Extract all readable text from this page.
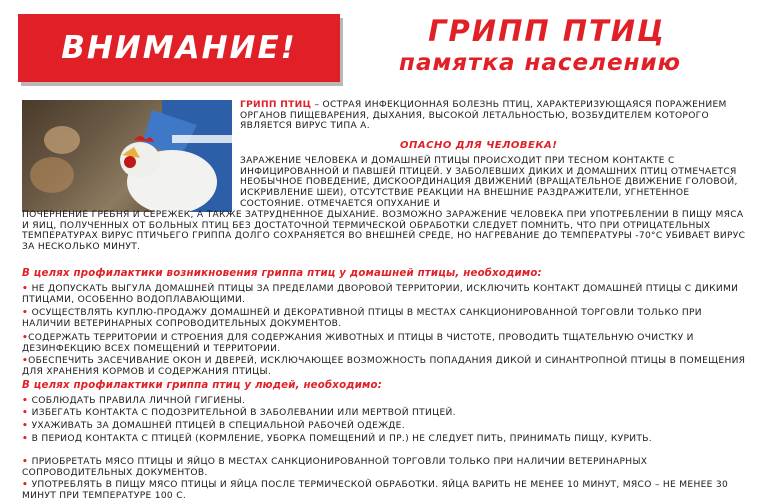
ВНИМАНИЕ!	ГРИПП ПТИЦ
памятка населению
ГРИПП ПТИЦ – ОСТРАЯ ИНФЕКЦИОННАЯ БОЛЕЗНЬ ПТИЦ, ХАРАКТЕРИЗУЮЩАЯСЯ ПОРАЖЕНИЕМ ОРГАНОВ ПИЩЕВАРЕНИЯ, ДЫХАНИЯ, ВЫСОКОЙ ЛЕТАЛЬНОСТЬЮ, ВОЗБУДИТЕЛЕМ КОТОРОГО ЯВЛЯЕТСЯ ВИРУС ТИПА А.
ОПАСНО ДЛЯ ЧЕЛОВЕКА!
ЗАРАЖЕНИЕ ЧЕЛОВЕКА И ДОМАШНЕЙ ПТИЦЫ ПРОИСХОДИТ ПРИ ТЕСНОМ КОНТАКТЕ С ИНФИЦИРОВАННОЙ И ПАВШЕЙ ПТИЦЕЙ. У ЗАБОЛЕВШИХ ДИКИХ И ДОМАШНИХ ПТИЦ ОТМЕЧАЕТСЯ НЕОБЫЧНОЕ ПОВЕДЕНИЕ, ДИСКООРДИНАЦИЯ ДВИЖЕНИЙ (ВРАЩАТЕЛЬНОЕ ДВИЖЕНИЕ ГОЛОВОЙ, ИСКРИВЛЕНИЕ ШЕИ), ОТСУТСТВИЕ РЕАКЦИИ НА ВНЕШНИЕ РАЗДРАЖИТЕЛИ, УГНЕТЕННОЕ СОСТОЯНИЕ. ОТМЕЧАЕТСЯ ОПУХАНИЕ И
ПОЧЕРНЕНИЕ ГРЕБНЯ И СЕРЕЖЕК, А ТАКЖЕ ЗАТРУДНЕННОЕ ДЫХАНИЕ. ВОЗМОЖНО ЗАРАЖЕНИЕ ЧЕЛОВЕКА ПРИ УПОТРЕБЛЕНИИ В ПИЩУ МЯСА И ЯИЦ, ПОЛУЧЕННЫХ ОТ БОЛЬНЫХ ПТИЦ БЕЗ ДОСТАТОЧНОЙ ТЕРМИЧЕСКОЙ ОБРАБОТКИ СЛЕДУЕТ ПОМНИТЬ, ЧТО ПРИ ОТРИЦАТЕЛЬНЫХ ТЕМПЕРАТУРАХ ВИРУС ПТИЧЬЕГО ГРИППА ДОЛГО СОХРАНЯЕТСЯ ВО ВНЕШНЕЙ СРЕДЕ, НО НАГРЕВАНИЕ ДО ТЕМПЕРАТУРЫ -70°С УБИВАЕТ ВИРУС ЗА НЕСКОЛЬКО МИНУТ.
В целях профилактики возникновения гриппа птиц у домашней птицы, необходимо:
• НЕ ДОПУСКАТЬ ВЫГУЛА ДОМАШНЕЙ ПТИЦЫ ЗА ПРЕДЕЛАМИ ДВОРОВОЙ ТЕРРИТОРИИ, ИСКЛЮЧИТЬ КОНТАКТ ДОМАШНЕЙ ПТИЦЫ С ДИКИМИ ПТИЦАМИ, ОСОБЕННО ВОДОПЛАВАЮЩИМИ.
• ОСУЩЕСТВЛЯТЬ КУПЛЮ-ПРОДАЖУ ДОМАШНЕЙ И ДЕКОРАТИВНОЙ ПТИЦЫ В МЕСТАХ САНКЦИОНИРОВАННОЙ ТОРГОВЛИ ТОЛЬКО ПРИ НАЛИЧИИ ВЕТЕРИНАРНЫХ СОПРОВОДИТЕЛЬНЫХ ДОКУМЕНТОВ.
•СОДЕРЖАТЬ ТЕРРИТОРИИ И СТРОЕНИЯ ДЛЯ СОДЕРЖАНИЯ ЖИВОТНЫХ И ПТИЦЫ В ЧИСТОТЕ, ПРОВОДИТЬ ТЩАТЕЛЬНУЮ ОЧИСТКУ И ДЕЗИНФЕКЦИЮ ВСЕХ ПОМЕЩЕНИЙ И ТЕРРИТОРИИ.
•ОБЕСПЕЧИТЬ ЗАСЕЧИВАНИЕ ОКОН И ДВЕРЕЙ, ИСКЛЮЧАЮЩЕЕ ВОЗМОЖНОСТЬ ПОПАДАНИЯ ДИКОЙ И СИНАНТРОПНОЙ ПТИЦЫ В ПОМЕЩЕНИЯ ДЛЯ ХРАНЕНИЯ КОРМОВ И СОДЕРЖАНИЯ ПТИЦЫ.
В целях профилактики гриппа птиц у людей, необходимо:
• СОБЛЮДАТЬ ПРАВИЛА ЛИЧНОЙ ГИГИЕНЫ.
• ИЗБЕГАТЬ КОНТАКТА С ПОДОЗРИТЕЛЬНОЙ В ЗАБОЛЕВАНИИ ИЛИ МЕРТВОЙ ПТИЦЕЙ.
• УХАЖИВАТЬ ЗА ДОМАШНЕЙ ПТИЦЕЙ В СПЕЦИАЛЬНОЙ РАБОЧЕЙ ОДЕЖДЕ.
• В ПЕРИОД КОНТАКТА С ПТИЦЕЙ (КОРМЛЕНИЕ, УБОРКА ПОМЕЩЕНИЙ И ПР.) НЕ СЛЕДУЕТ ПИТЬ, ПРИНИМАТЬ ПИЩУ, КУРИТЬ.
• ПРИОБРЕТАТЬ МЯСО ПТИЦЫ И ЯЙЦО В МЕСТАХ САНКЦИОНИРОВАННОЙ ТОРГОВЛИ ТОЛЬКО ПРИ НАЛИЧИИ ВЕТЕРИНАРНЫХ СОПРОВОДИТЕЛЬНЫХ ДОКУМЕНТОВ.
• УПОТРЕБЛЯТЬ В ПИЩУ МЯСО ПТИЦЫ И ЯЙЦА ПОСЛЕ ТЕРМИЧЕСКОЙ ОБРАБОТКИ. ЯЙЦА ВАРИТЬ НЕ МЕНЕЕ 10 МИНУТ, МЯСО – НЕ МЕНЕЕ 30 МИНУТ ПРИ ТЕМПЕРАТУРЕ 100 С.
